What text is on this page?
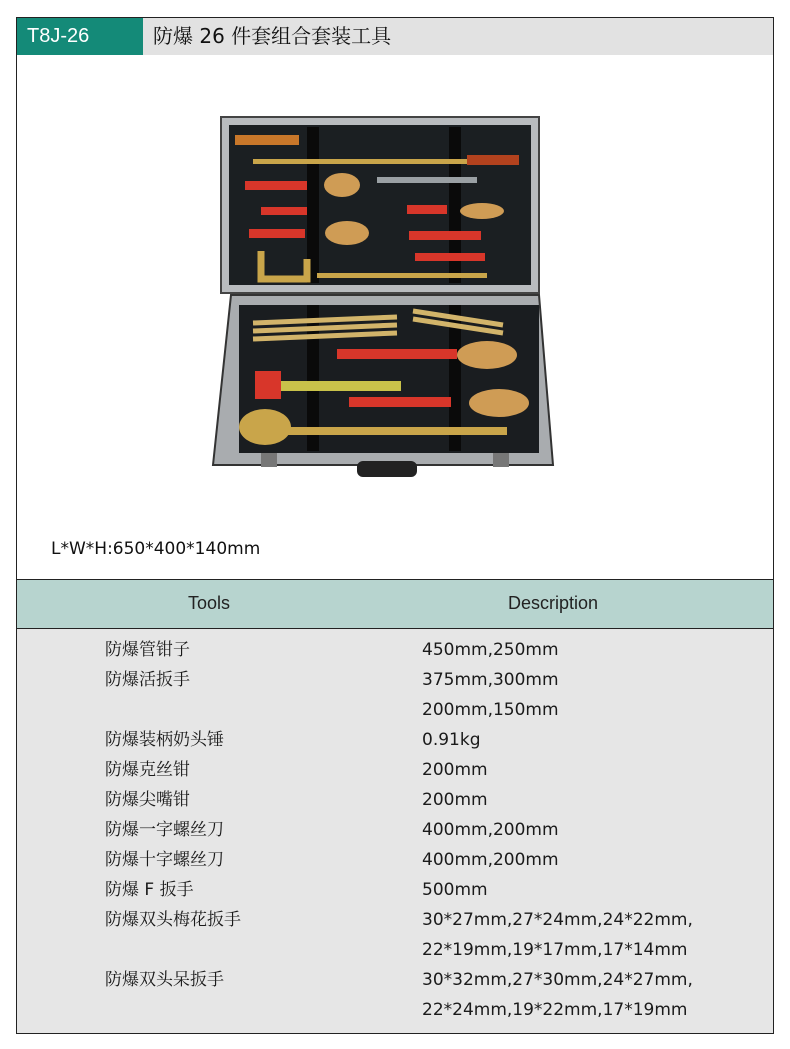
T8J-26	防爆 26 件套组合套装工具
L*W*H:650*400*140mm
Tools	Description
防爆管钳子	450mm,250mm
防爆活扳手	375mm,300mm
200mm,150mm
防爆装柄奶头锤	0.91kg
防爆克丝钳	200mm
防爆尖嘴钳	200mm
防爆一字螺丝刀	400mm,200mm
防爆十字螺丝刀	400mm,200mm
防爆 F 扳手	500mm
防爆双头梅花扳手	30*27mm,27*24mm,24*22mm,
22*19mm,19*17mm,17*14mm
防爆双头呆扳手	30*32mm,27*30mm,24*27mm,
22*24mm,19*22mm,17*19mm
